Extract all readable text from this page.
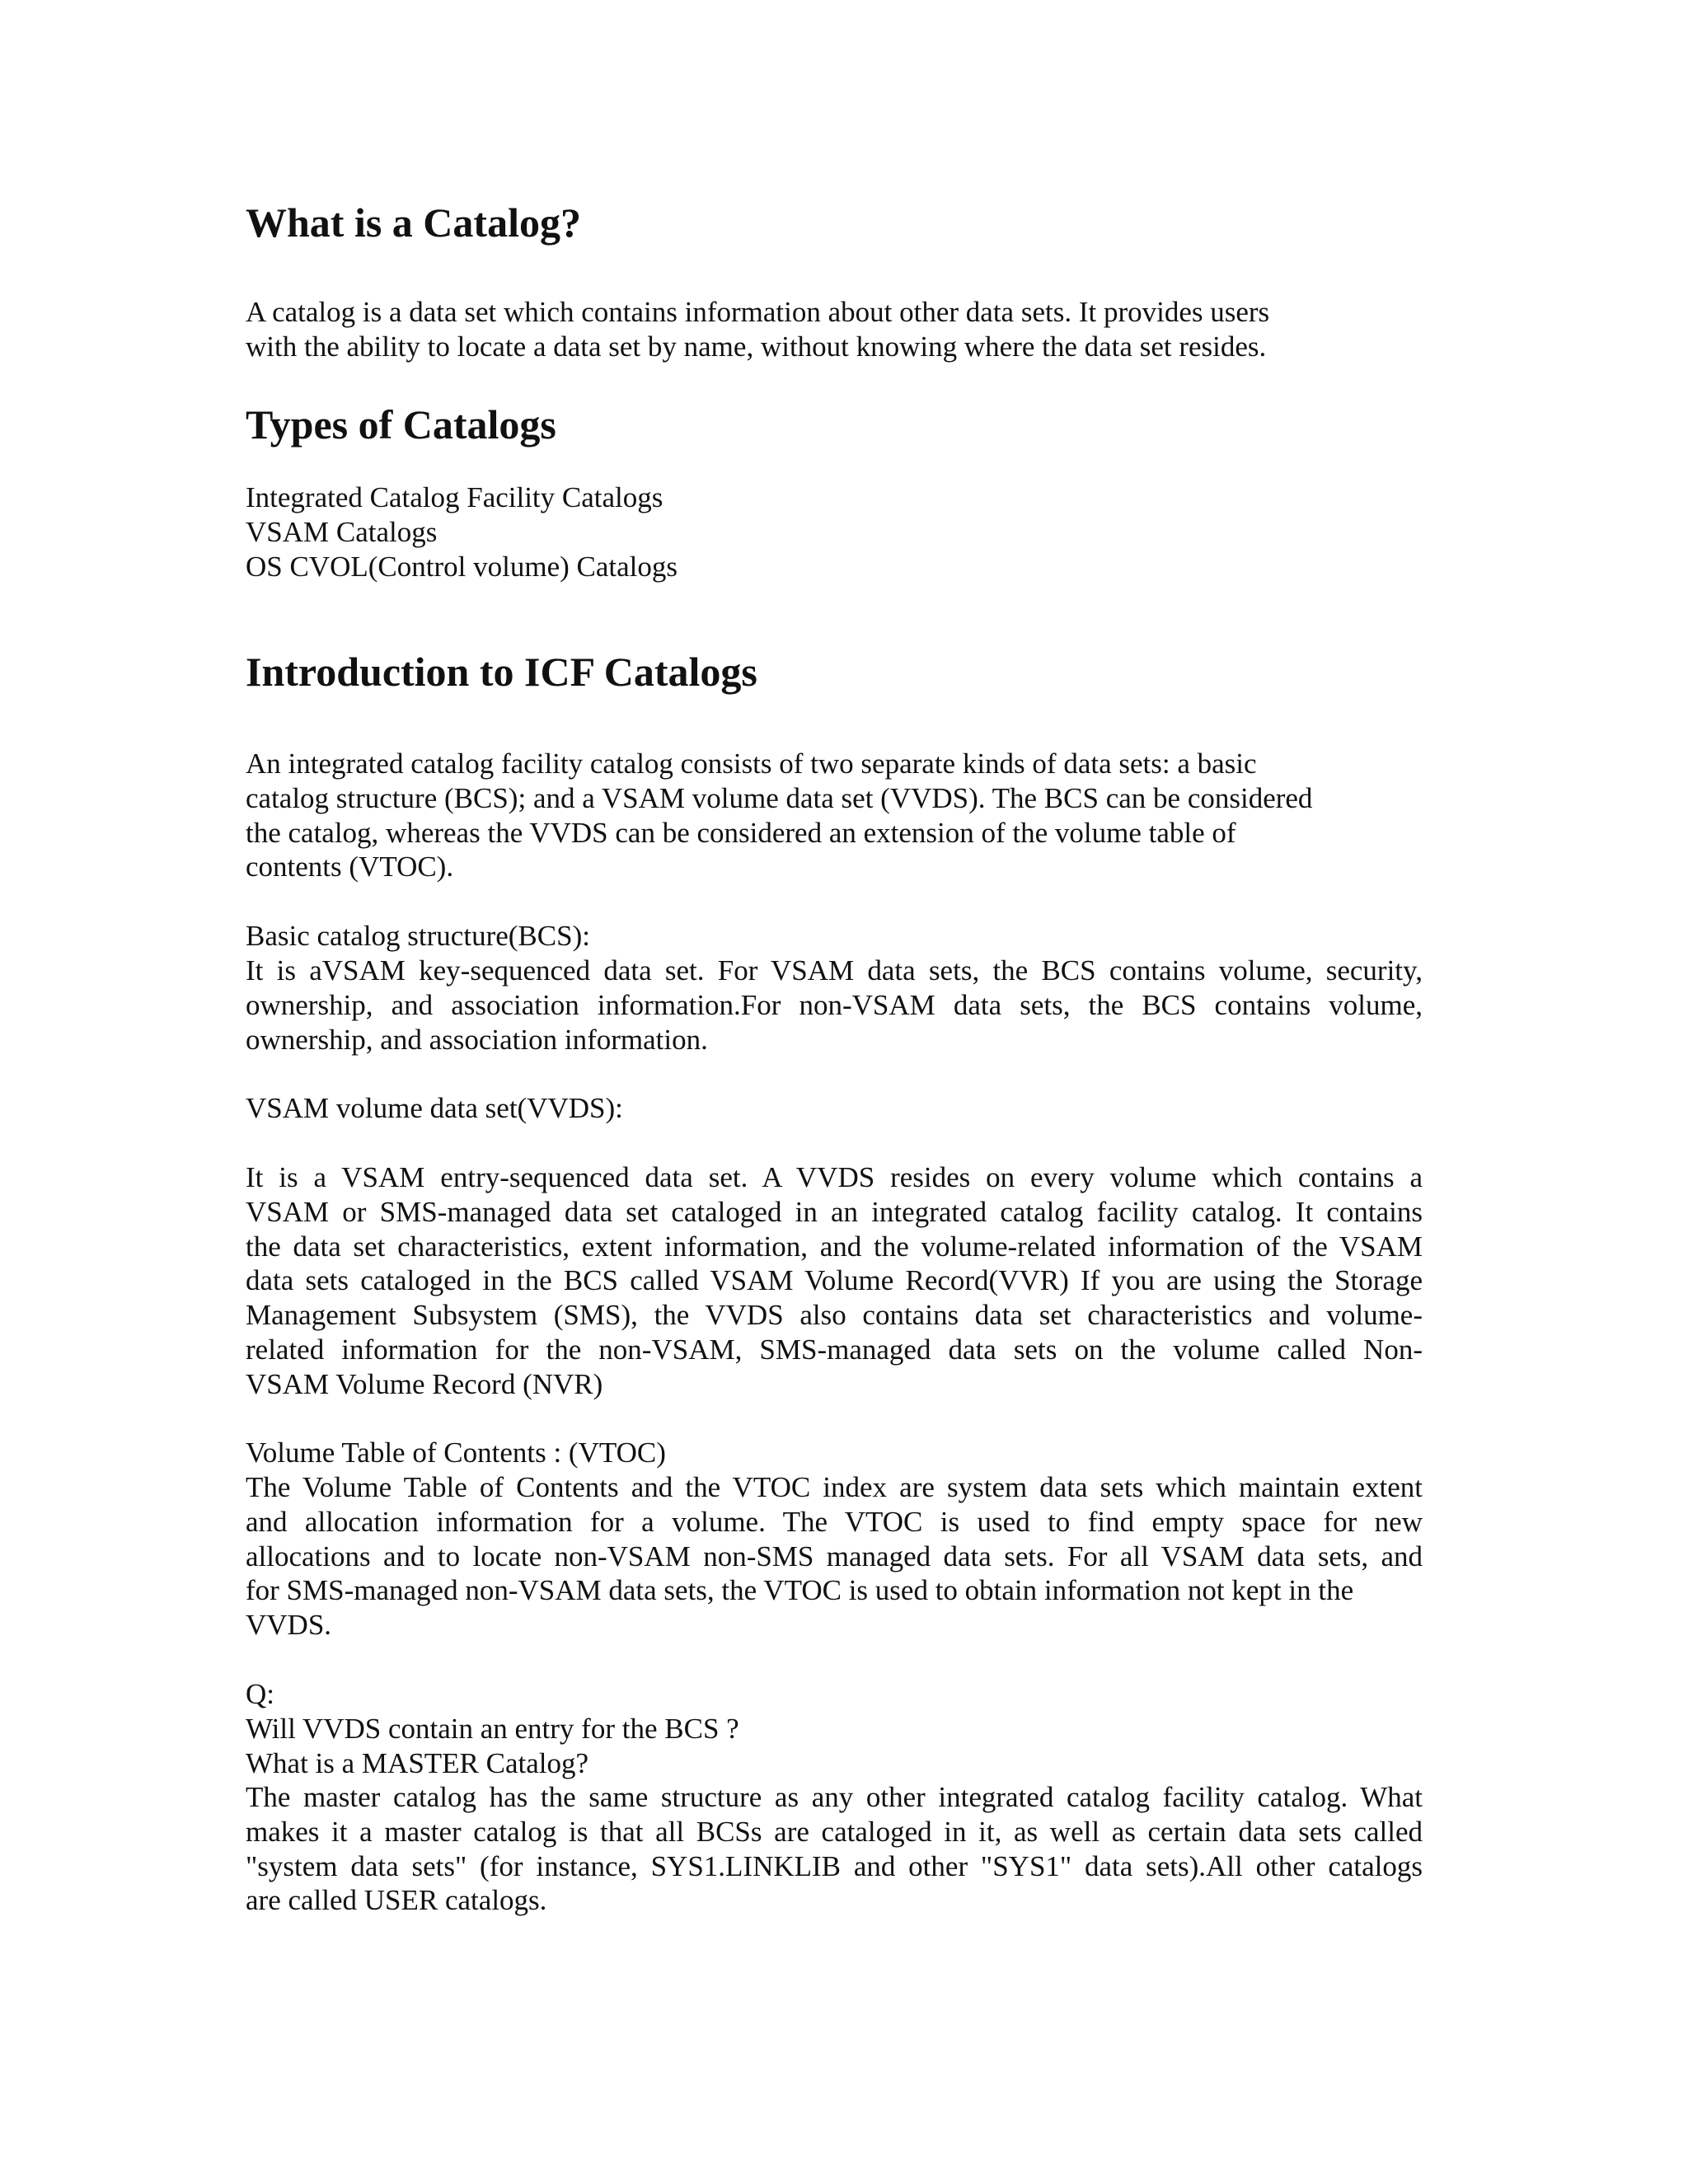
What is a Catalog?
A catalog is a data set which contains information about other data sets. It provides users
with the ability to locate a data set by name, without knowing where the data set resides.
Types of Catalogs
Integrated Catalog Facility Catalogs
VSAM Catalogs
OS CVOL(Control volume) Catalogs
Introduction to ICF Catalogs
An integrated catalog facility catalog consists of two separate kinds of data sets: a basic
catalog structure (BCS); and a VSAM volume data set (VVDS). The BCS can be considered
the catalog, whereas the VVDS can be considered an extension of the volume table of
contents (VTOC).
Basic catalog structure(BCS):
It is aVSAM key-sequenced data set. For VSAM data sets, the BCS contains volume, security,
ownership, and association information.For non-VSAM data sets, the BCS contains volume,
ownership, and association information.
VSAM volume data set(VVDS):
It is a VSAM entry-sequenced data set. A VVDS resides on every volume which contains a
VSAM or SMS-managed data set cataloged in an integrated catalog facility catalog. It contains
the data set characteristics, extent information, and the volume-related information of the VSAM
data sets cataloged in the BCS called VSAM Volume Record(VVR) If you are using the Storage
Management Subsystem (SMS), the VVDS also contains data set characteristics and volume-
related information for the non-VSAM, SMS-managed data sets on the volume called Non-
VSAM Volume Record (NVR)
Volume Table of Contents : (VTOC)
The Volume Table of Contents and the VTOC index are system data sets which maintain extent
and allocation information for a volume. The VTOC is used to find empty space for new
allocations and to locate non-VSAM non-SMS managed data sets. For all VSAM data sets, and
for SMS-managed non-VSAM data sets, the VTOC is used to obtain information not kept in the
VVDS.
Q:
Will VVDS contain an entry for the BCS ?
What is a MASTER Catalog?
The master catalog has the same structure as any other integrated catalog facility catalog. What
makes it a master catalog is that all BCSs are cataloged in it, as well as certain data sets called
"system data sets" (for instance, SYS1.LINKLIB and other "SYS1" data sets).All other catalogs
are called USER catalogs.
